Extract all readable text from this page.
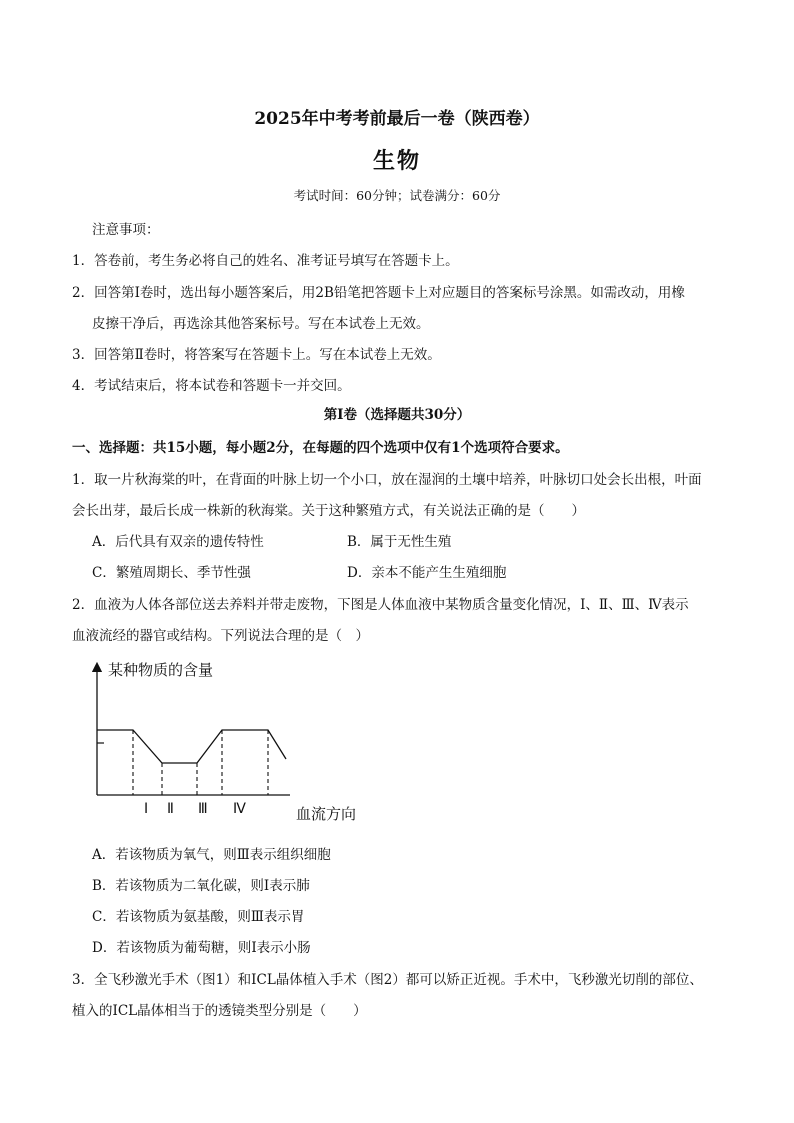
2025年中考考前最后一卷（陕西卷）
生物
考试时间：60分钟；试卷满分：60分
注意事项：
1．答卷前，考生务必将自己的姓名、准考证号填写在答题卡上。
2．回答第Ⅰ卷时，选出每小题答案后，用2B铅笔把答题卡上对应题目的答案标号涂黑。如需改动，用橡
皮擦干净后，再选涂其他答案标号。写在本试卷上无效。
3．回答第Ⅱ卷时，将答案写在答题卡上。写在本试卷上无效。
4．考试结束后，将本试卷和答题卡一并交回。
第Ⅰ卷（选择题共30分）
一、选择题：共15小题，每小题2分，在每题的四个选项中仅有1个选项符合要求。
1．取一片秋海棠的叶，在背面的叶脉上切一个小口，放在湿润的土壤中培养，叶脉切口处会长出根，叶面
会长出芽，最后长成一株新的秋海棠。关于这种繁殖方式，有关说法正确的是（　　）
A．后代具有双亲的遗传特性	B．属于无性生殖
C．繁殖周期长、季节性强	D．亲本不能产生生殖细胞
2．血液为人体各部位送去养料并带走废物，下图是人体血液中某物质含量变化情况，Ⅰ、Ⅱ、Ⅲ、Ⅳ表示
血液流经的器官或结构。下列说法合理的是（　）
某种物质的含量
Ⅰ Ⅱ Ⅲ Ⅳ	血流方向
A．若该物质为氧气，则Ⅲ表示组织细胞
B．若该物质为二氧化碳，则Ⅰ表示肺
C．若该物质为氨基酸，则Ⅲ表示胃
D．若该物质为葡萄糖，则Ⅰ表示小肠
3．全飞秒激光手术（图1）和ICL晶体植入手术（图2）都可以矫正近视。手术中，飞秒激光切削的部位、
植入的ICL晶体相当于的透镜类型分别是（　　）
